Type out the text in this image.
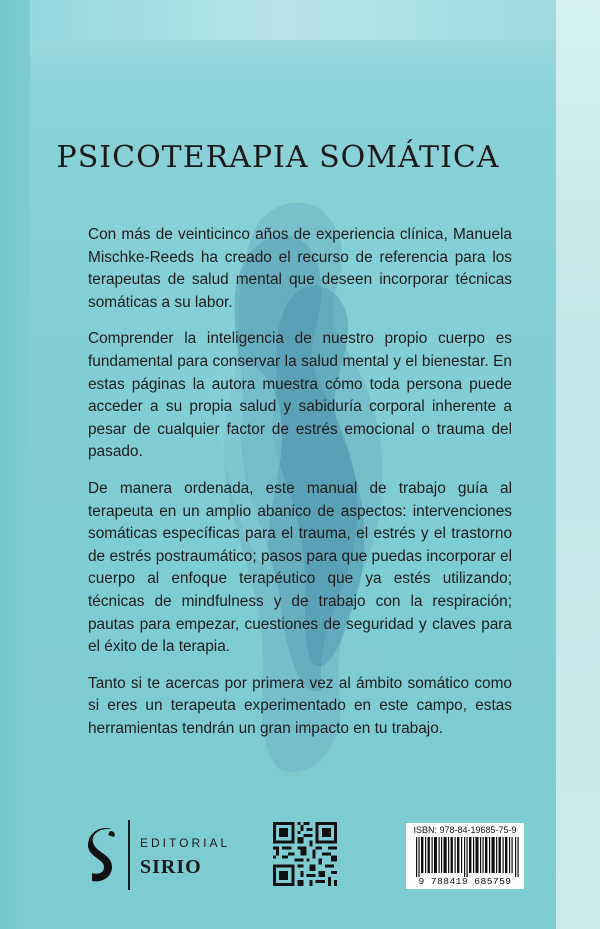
PSICOTERAPIA SOMÁTICA

Con más de veinticinco años de experiencia clínica, Manuela Mischke-Reeds ha creado el recurso de referencia para los terapeutas de salud mental que deseen incorporar técnicas somáticas a su labor.

Comprender la inteligencia de nuestro propio cuerpo es fundamental para conservar la salud mental y el bienestar. En estas páginas la autora muestra cómo toda persona puede acceder a su propia salud y sabiduría corporal inherente a pesar de cualquier factor de estrés emocional o trauma del pasado.

De manera ordenada, este manual de trabajo guía al terapeuta en un amplio abanico de aspectos: intervenciones somáticas específicas para el trauma, el estrés y el trastorno de estrés postraumático; pasos para que puedas incorporar el cuerpo al enfoque terapéutico que ya estés utilizando; técnicas de mindfulness y de trabajo con la respiración; pautas para empezar, cuestiones de seguridad y claves para el éxito de la terapia.

Tanto si te acercas por primera vez al ámbito somático como si eres un terapeuta experimentado en este campo, estas herramientas tendrán un gran impacto en tu trabajo.

EDITORIAL
SIRIO
ISBN: 978-84-19685-75-9
9 788419 685759
